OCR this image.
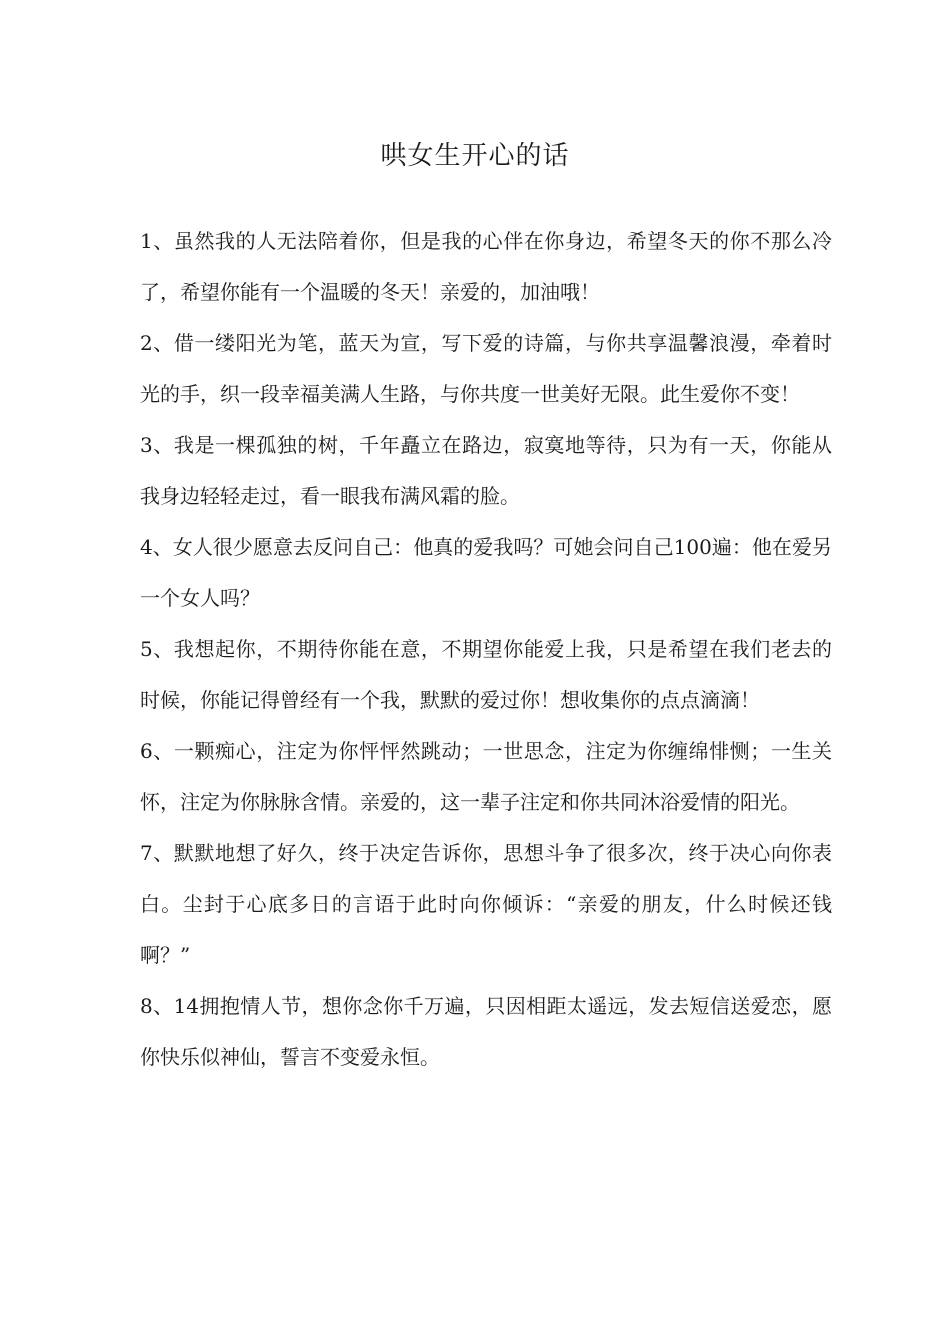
哄女生开心的话

1、虽然我的人无法陪着你，但是我的心伴在你身边，希望冬天的你不那么冷了，希望你能有一个温暖的冬天！亲爱的，加油哦！

2、借一缕阳光为笔，蓝天为宣，写下爱的诗篇，与你共享温馨浪漫，牵着时光的手，织一段幸福美满人生路，与你共度一世美好无限。此生爱你不变！

3、我是一棵孤独的树，千年矗立在路边，寂寞地等待，只为有一天，你能从我身边轻轻走过，看一眼我布满风霜的脸。

4、女人很少愿意去反问自己：他真的爱我吗？可她会问自己100遍：他在爱另一个女人吗？

5、我想起你，不期待你能在意，不期望你能爱上我，只是希望在我们老去的时候，你能记得曾经有一个我，默默的爱过你！想收集你的点点滴滴！

6、一颗痴心，注定为你怦怦然跳动；一世思念，注定为你缠绵悱恻；一生关怀，注定为你脉脉含情。亲爱的，这一辈子注定和你共同沐浴爱情的阳光。

7、默默地想了好久，终于决定告诉你，思想斗争了很多次，终于决心向你表白。尘封于心底多日的言语于此时向你倾诉：“亲爱的朋友，什么时候还钱啊？”

8、14拥抱情人节，想你念你千万遍，只因相距太遥远，发去短信送爱恋，愿你快乐似神仙，誓言不变爱永恒。
